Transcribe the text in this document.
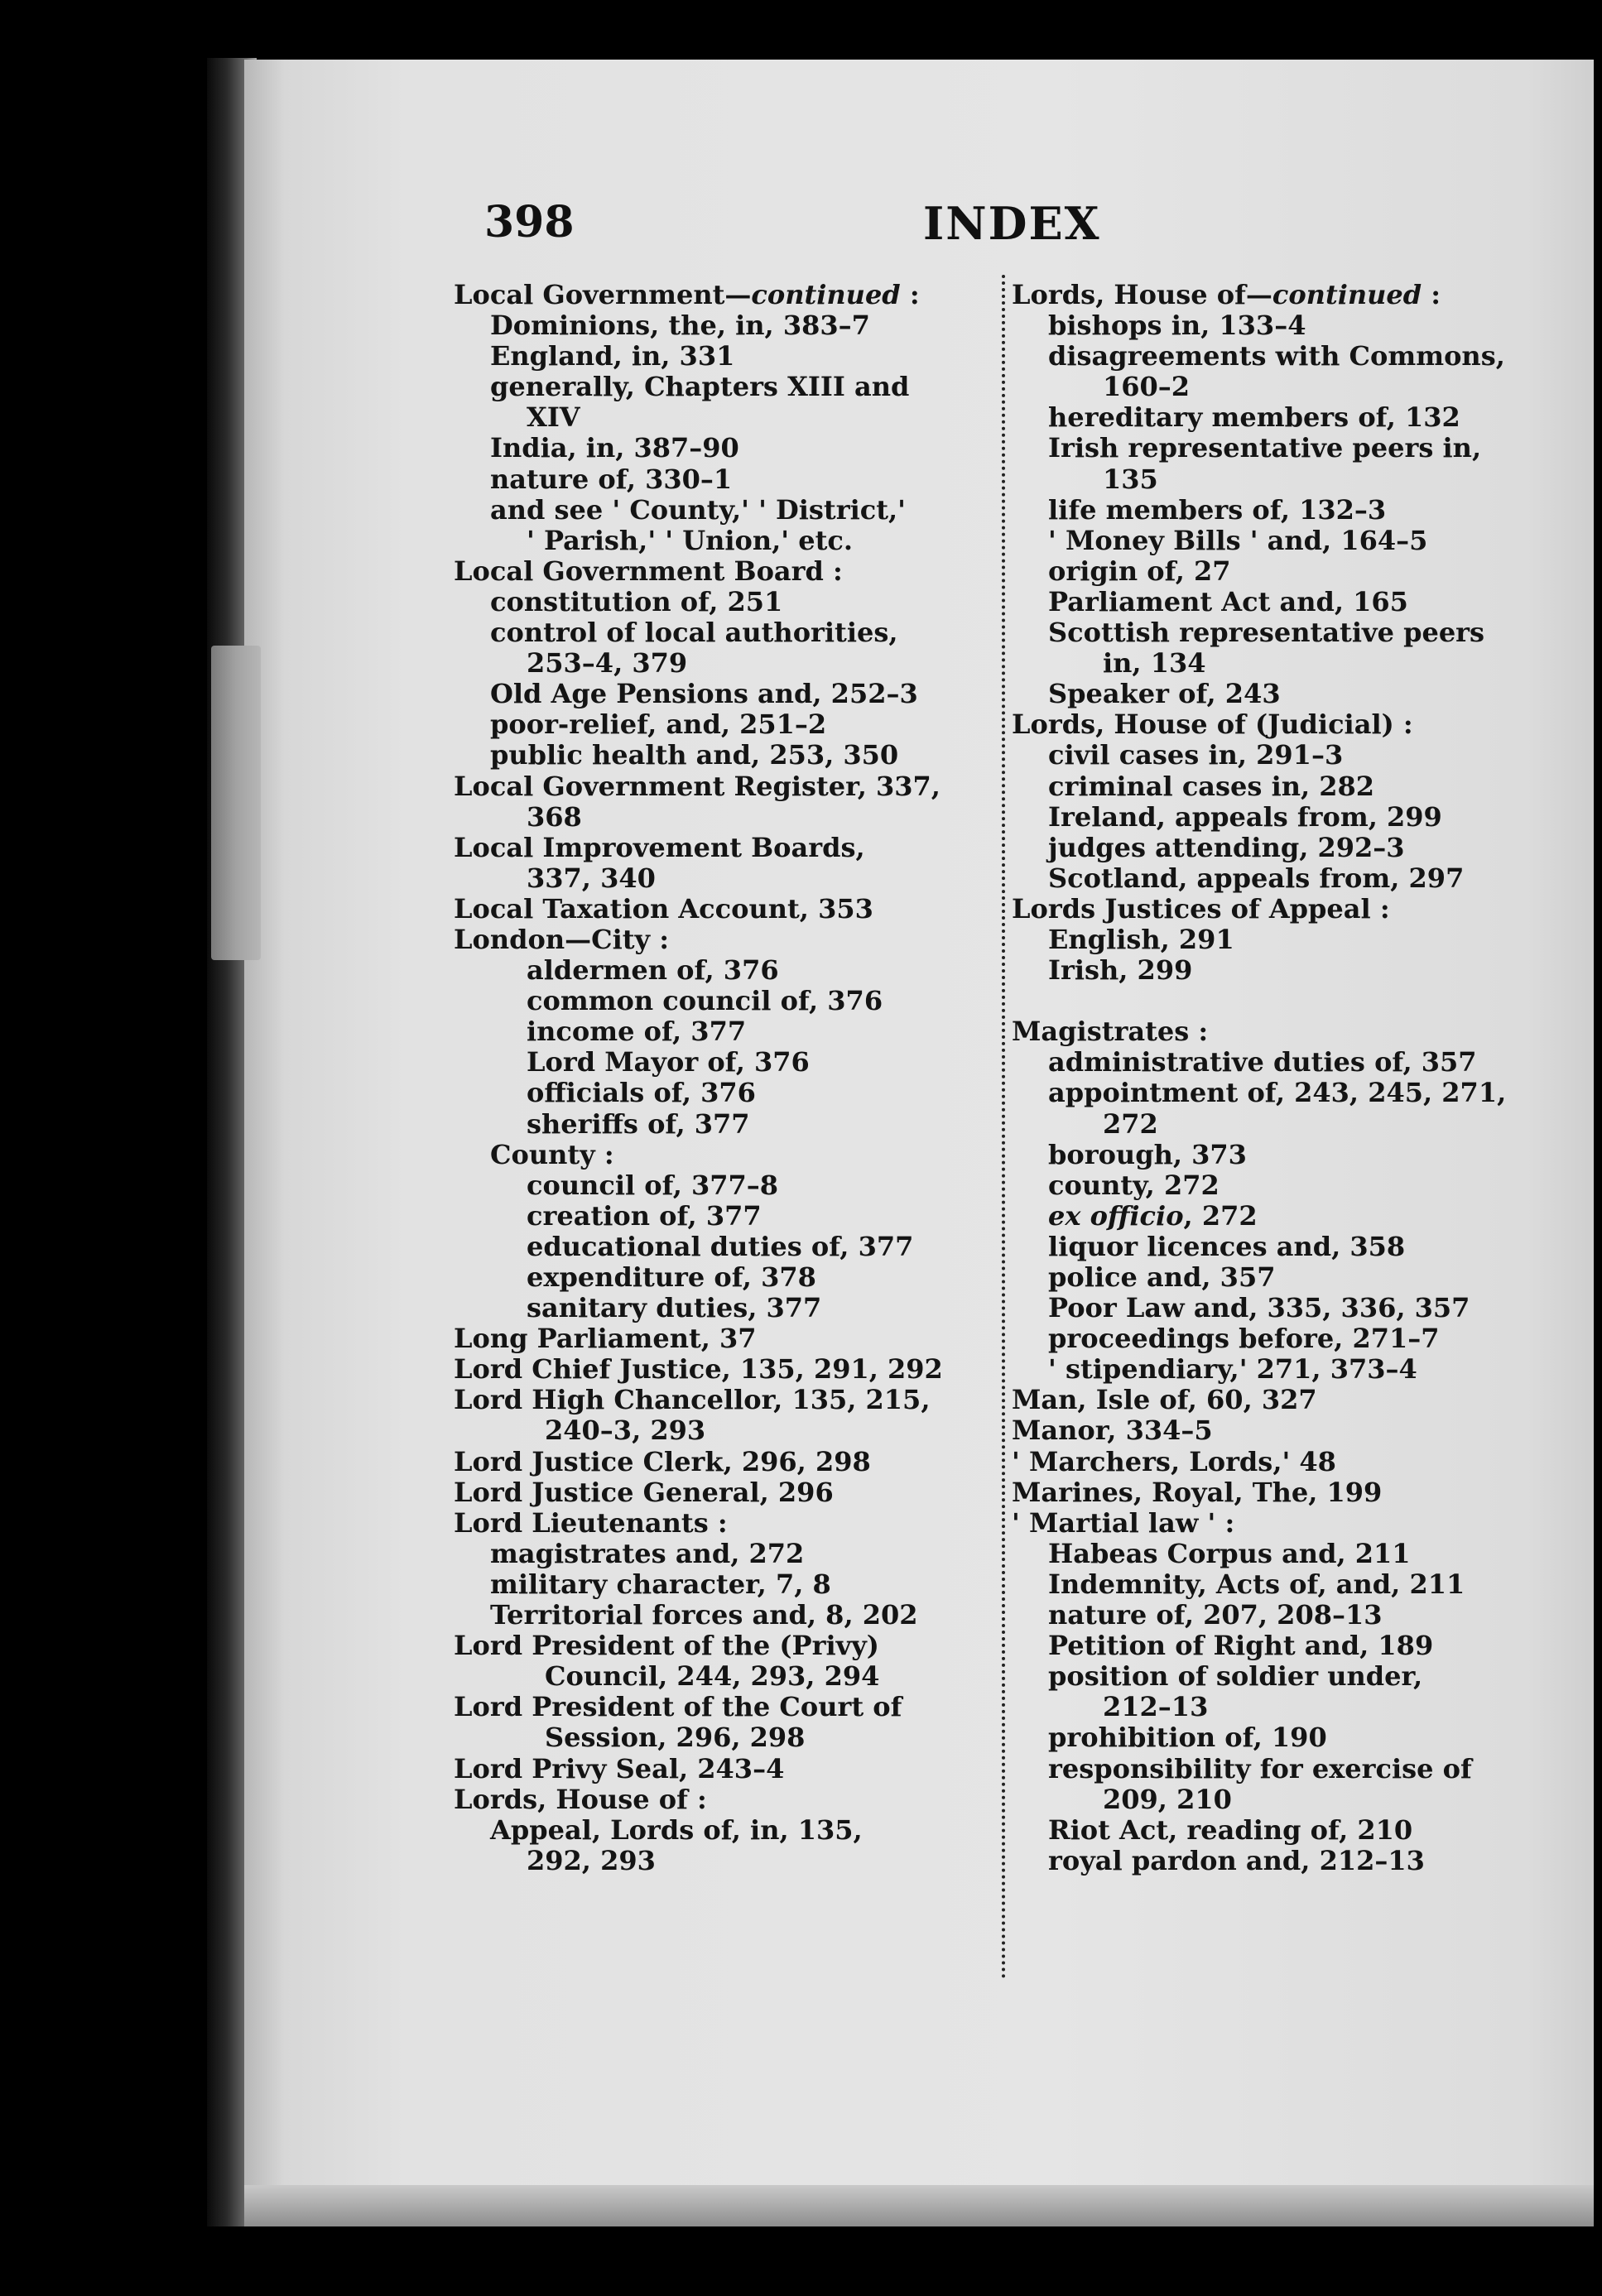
398	INDEX
Local Government—continued :
Dominions, the, in, 383–7
England, in, 331
generally, Chapters XIII and
XIV
India, in, 387–90
nature of, 330–1
and see ' County,' ' District,'
' Parish,' ' Union,' etc.
Local Government Board :
constitution of, 251
control of local authorities,
253–4, 379
Old Age Pensions and, 252–3
poor-relief, and, 251–2
public health and, 253, 350
Local Government Register, 337,
368
Local Improvement Boards,
337, 340
Local Taxation Account, 353
London—City :
aldermen of, 376
common council of, 376
income of, 377
Lord Mayor of, 376
officials of, 376
sheriffs of, 377
County :
council of, 377–8
creation of, 377
educational duties of, 377
expenditure of, 378
sanitary duties, 377
Long Parliament, 37
Lord Chief Justice, 135, 291, 292
Lord High Chancellor, 135, 215,
240–3, 293
Lord Justice Clerk, 296, 298
Lord Justice General, 296
Lord Lieutenants :
magistrates and, 272
military character, 7, 8
Territorial forces and, 8, 202
Lord President of the (Privy)
Council, 244, 293, 294
Lord President of the Court of
Session, 296, 298
Lord Privy Seal, 243–4
Lords, House of :
Appeal, Lords of, in, 135,
292, 293
Lords, House of—continued :
bishops in, 133–4
disagreements with Commons,
160–2
hereditary members of, 132
Irish representative peers in,
135
life members of, 132–3
' Money Bills ' and, 164–5
origin of, 27
Parliament Act and, 165
Scottish representative peers
in, 134
Speaker of, 243
Lords, House of (Judicial) :
civil cases in, 291–3
criminal cases in, 282
Ireland, appeals from, 299
judges attending, 292–3
Scotland, appeals from, 297
Lords Justices of Appeal :
English, 291
Irish, 299
Magistrates :
administrative duties of, 357
appointment of, 243, 245, 271,
272
borough, 373
county, 272
ex officio, 272
liquor licences and, 358
police and, 357
Poor Law and, 335, 336, 357
proceedings before, 271–7
' stipendiary,' 271, 373–4
Man, Isle of, 60, 327
Manor, 334–5
' Marchers, Lords,' 48
Marines, Royal, The, 199
' Martial law ' :
Habeas Corpus and, 211
Indemnity, Acts of, and, 211
nature of, 207, 208–13
Petition of Right and, 189
position of soldier under,
212–13
prohibition of, 190
responsibility for exercise of
209, 210
Riot Act, reading of, 210
royal pardon and, 212–13
